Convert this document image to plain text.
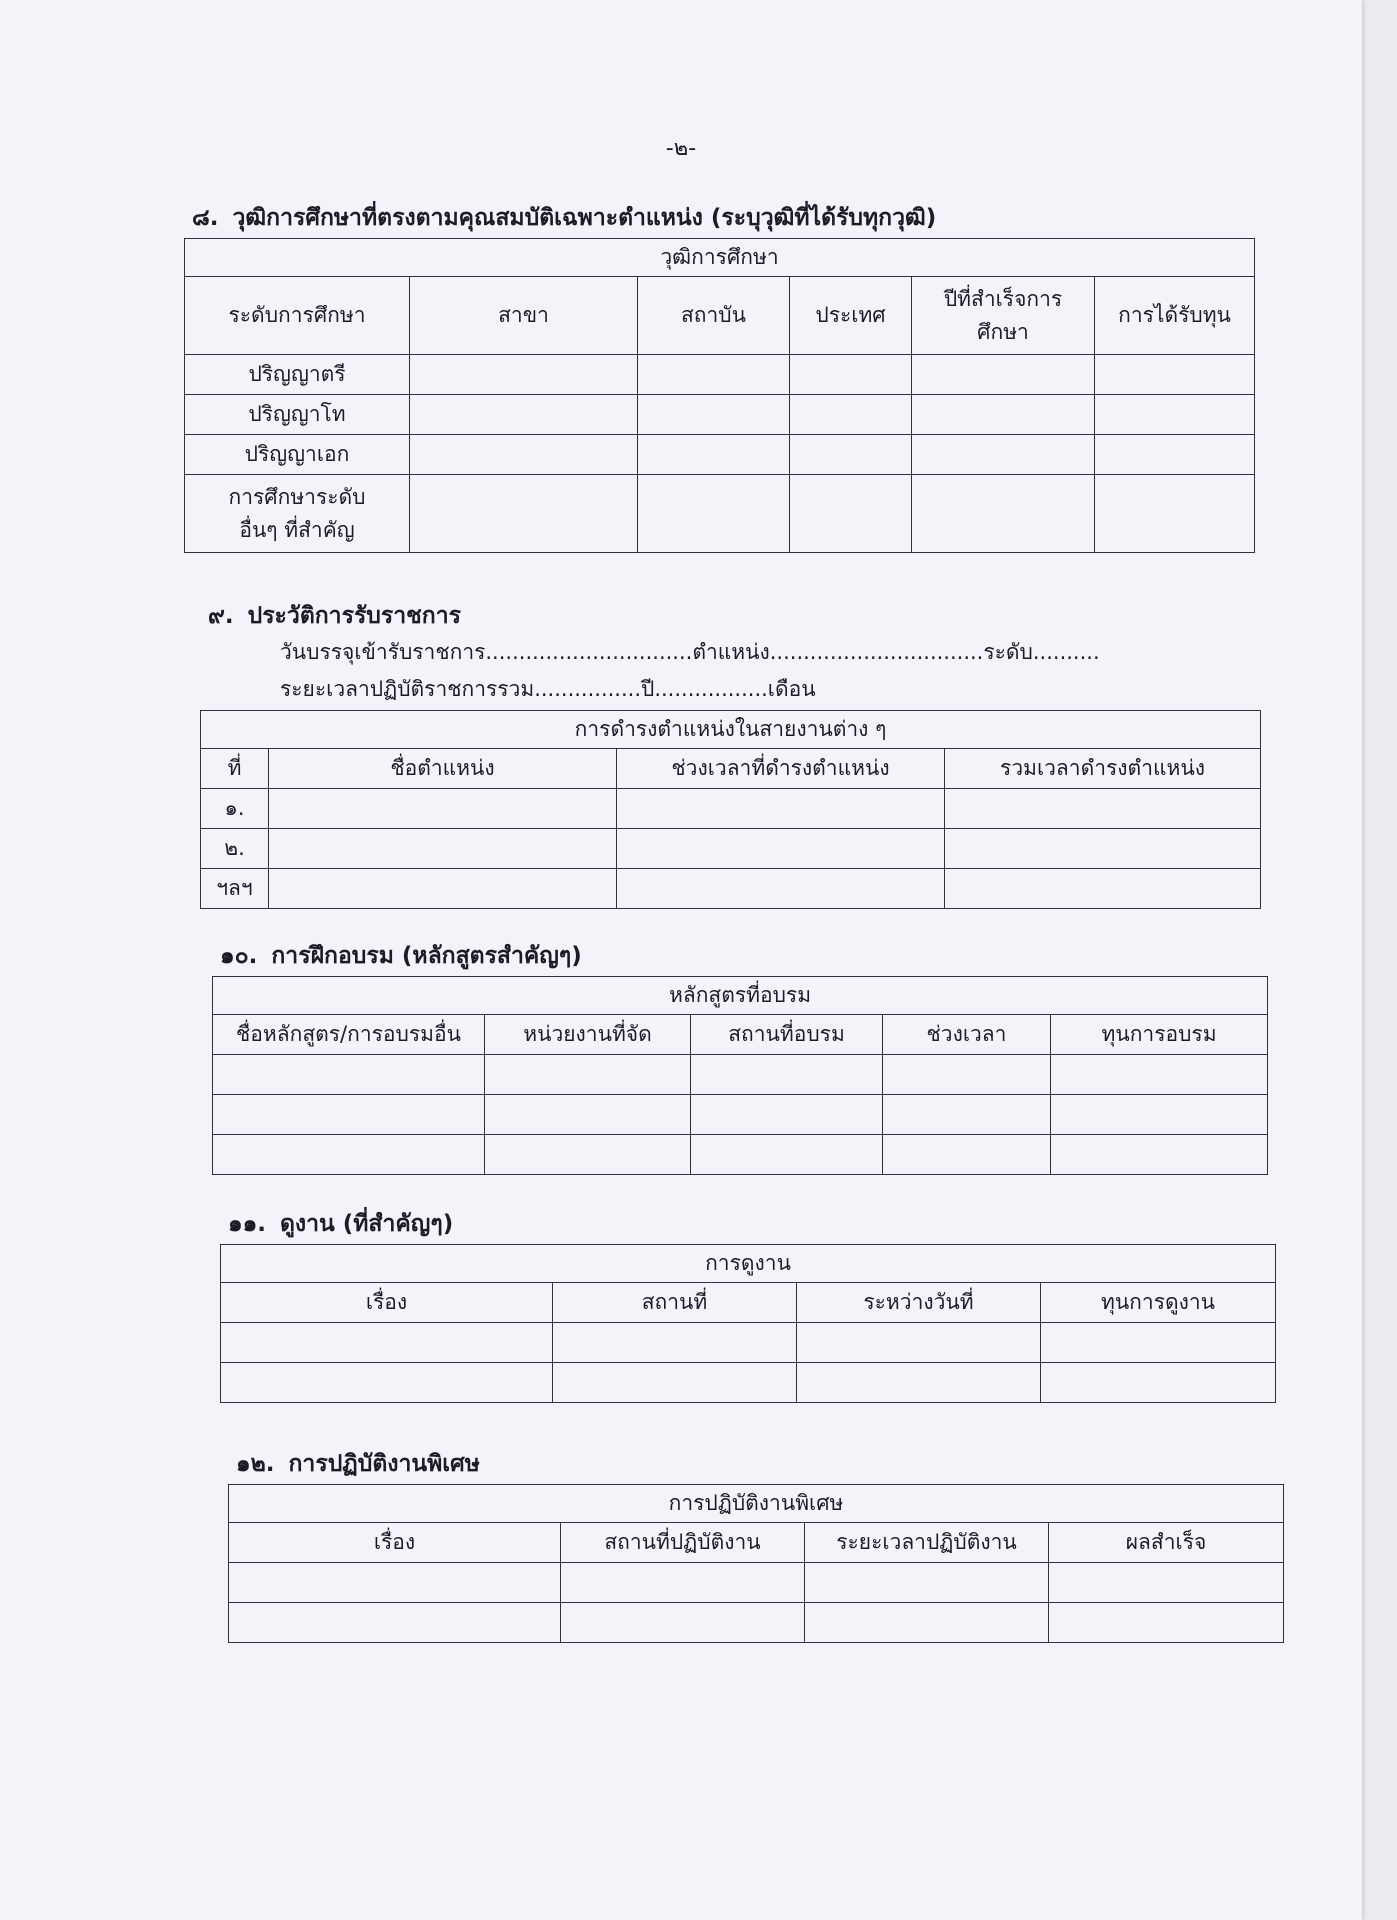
-๒-
๘. วุฒิการศึกษาที่ตรงตามคุณสมบัติเฉพาะตำแหน่ง (ระบุวุฒิที่ได้รับทุกวุฒิ)
วุฒิการศึกษา					
ระดับการศึกษา	สาขา	สถาบัน	ประเทศ	ปีที่สำเร็จการศึกษา	การได้รับทุน
ปริญญาตรี					
ปริญญาโท					
ปริญญาเอก					
การศึกษาระดับอื่นๆ ที่สำคัญ					
๙. ประวัติการรับราชการ
วันบรรจุเข้ารับราชการ...............................ตำแหน่ง................................ระดับ..........
ระยะเวลาปฏิบัติราชการรวม................ปี.................เดือน
การดำรงตำแหน่งในสายงานต่าง ๆ			
ที่	ชื่อตำแหน่ง	ช่วงเวลาที่ดำรงตำแหน่ง	รวมเวลาดำรงตำแหน่ง
๑.			
๒.			
ฯลฯ			
๑๐. การฝึกอบรม (หลักสูตรสำคัญๆ)
หลักสูตรที่อบรม				
ชื่อหลักสูตร/การอบรมอื่น	หน่วยงานที่จัด	สถานที่อบรม	ช่วงเวลา	ทุนการอบรม

๑๑. ดูงาน (ที่สำคัญๆ)
การดูงาน			
เรื่อง	สถานที่	ระหว่างวันที่	ทุนการดูงาน

๑๒. การปฏิบัติงานพิเศษ
การปฏิบัติงานพิเศษ			
เรื่อง	สถานที่ปฏิบัติงาน	ระยะเวลาปฏิบัติงาน	ผลสำเร็จ
